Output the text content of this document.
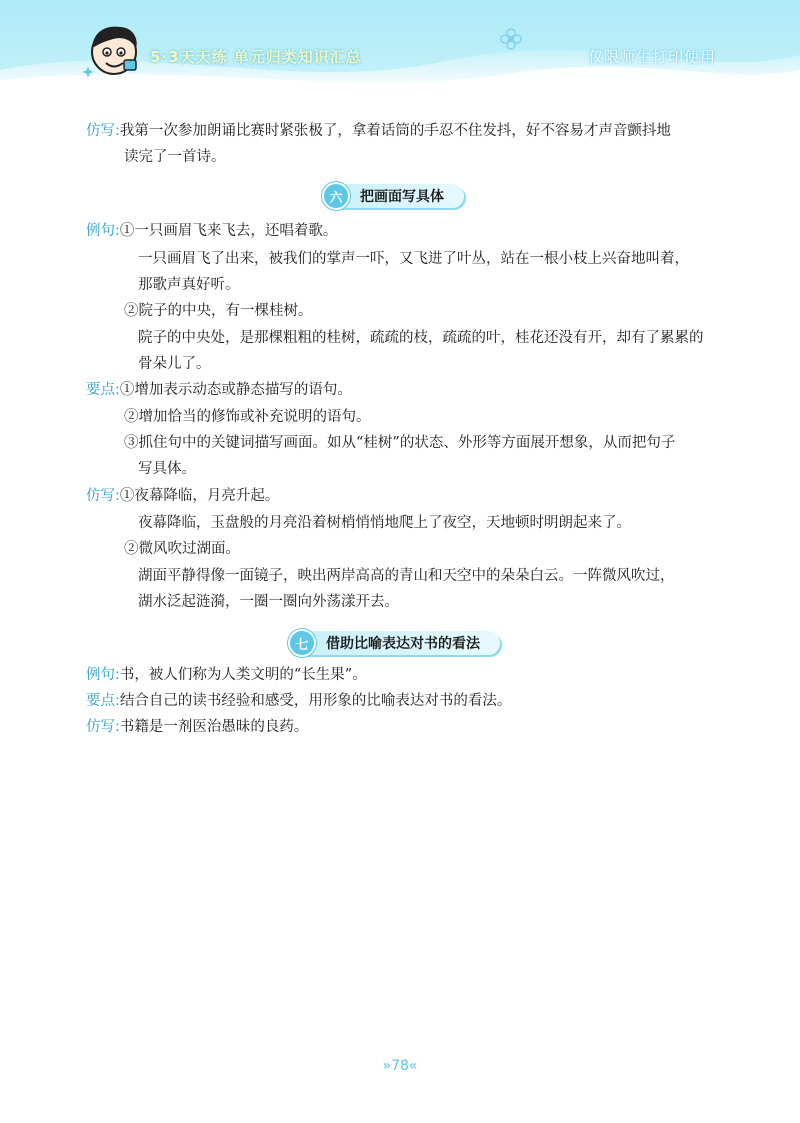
5·3天天练 单元归类知识汇总	仅限师生打印使用
仿写:我第一次参加朗诵比赛时紧张极了，拿着话筒的手忍不住发抖，好不容易才声音颤抖地
读完了一首诗。
六	把画面写具体
例句:①一只画眉飞来飞去，还唱着歌。
一只画眉飞了出来，被我们的掌声一吓，又飞进了叶丛，站在一根小枝上兴奋地叫着，
那歌声真好听。
②院子的中央，有一棵桂树。
院子的中央处，是那棵粗粗的桂树，疏疏的枝，疏疏的叶，桂花还没有开，却有了累累的
骨朵儿了。
要点:①增加表示动态或静态描写的语句。
②增加恰当的修饰或补充说明的语句。
③抓住句中的关键词描写画面。如从“桂树”的状态、外形等方面展开想象，从而把句子
写具体。
仿写:①夜幕降临，月亮升起。
夜幕降临，玉盘般的月亮沿着树梢悄悄地爬上了夜空，天地顿时明朗起来了。
②微风吹过湖面。
湖面平静得像一面镜子，映出两岸高高的青山和天空中的朵朵白云。一阵微风吹过，
湖水泛起涟漪，一圈一圈向外荡漾开去。
七	借助比喻表达对书的看法
例句:书，被人们称为人类文明的“长生果”。
要点:结合自己的读书经验和感受，用形象的比喻表达对书的看法。
仿写:书籍是一剂医治愚昧的良药。
»78«
